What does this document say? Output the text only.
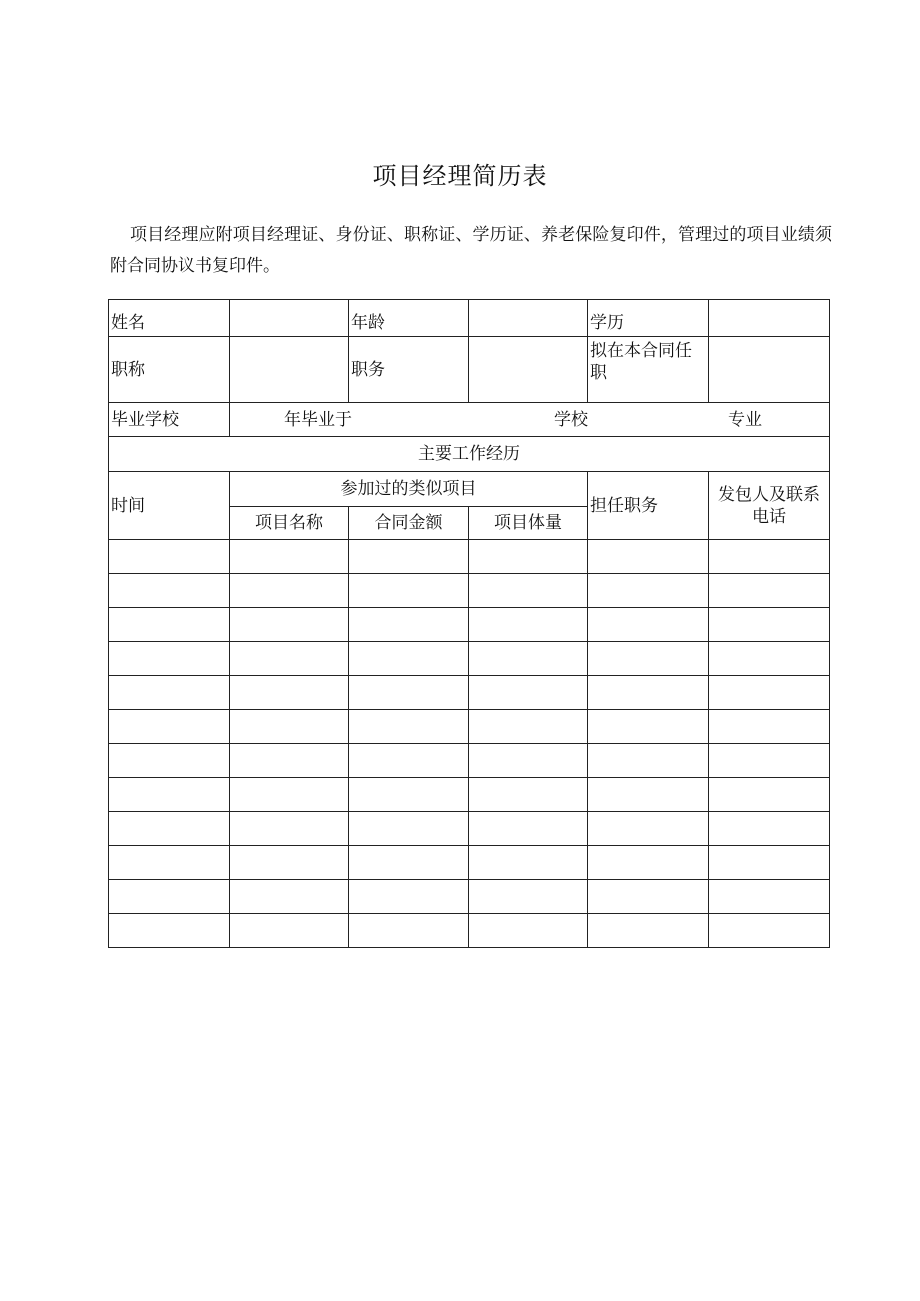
项目经理简历表
项目经理应附项目经理证、身份证、职称证、学历证、养老保险复印件，管理过的项目业绩须附合同协议书复印件。
姓名		年龄		学历	
职称		职务		拟在本合同任职	
毕业学校	年毕业于 学校 专业				

主要工作经历					
时间	参加过的类似项目			担任职务	发包人及联系电话
	项目名称	合同金额	项目体量		
